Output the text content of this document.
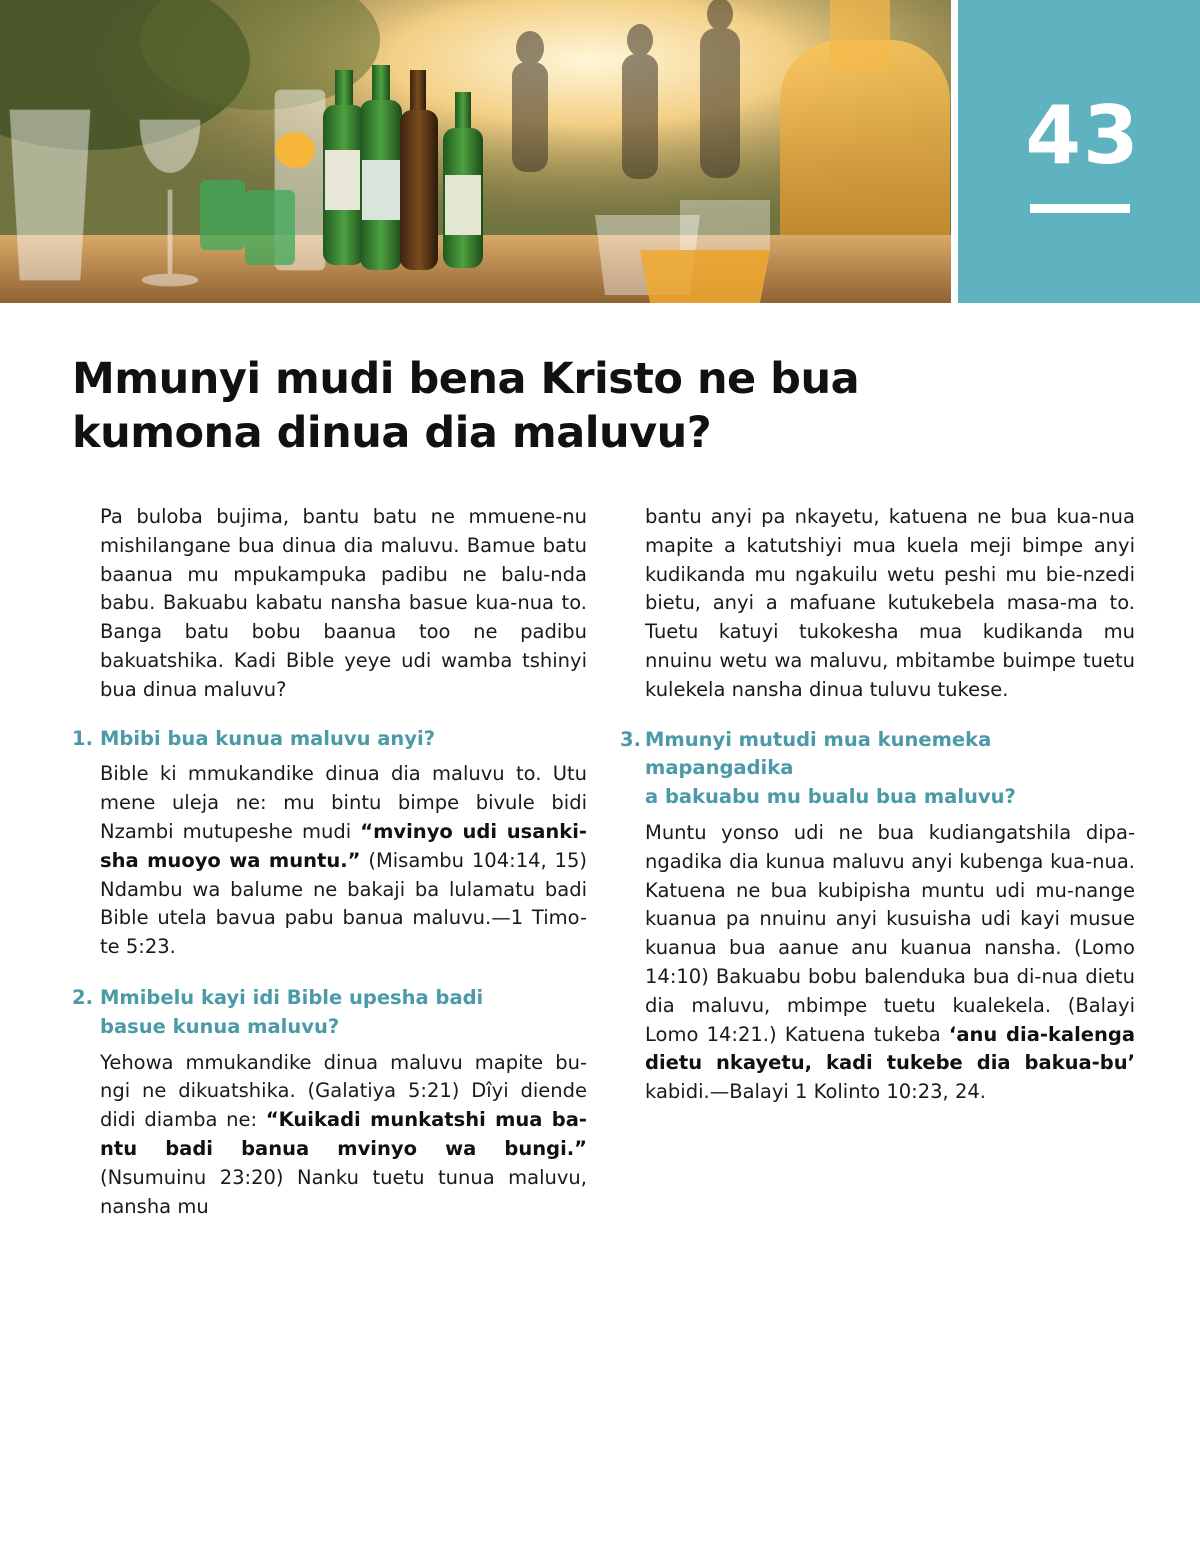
43
Mmunyi mudi bena Kristo ne bua
kumona dinua dia maluvu?

Pa buloba bujima, bantu batu ne mmuene-nu mishilangane bua dinua dia maluvu. Bamue batu baanua mu mpukampuka padibu ne balu-nda babu. Bakuabu kabatu nansha basue kua-nua to. Banga batu bobu baanua too ne padibu bakuatshika. Kadi Bible yeye udi wamba tshinyi bua dinua maluvu?

1. Mbibi bua kunua maluvu anyi?

Bible ki mmukandike dinua dia maluvu to. Utu mene uleja ne: mu bintu bimpe bivule bidi Nzambi mutupeshe mudi “mvinyo udi usanki-sha muoyo wa muntu.” (Misambu 104:14, 15) Ndambu wa balume ne bakaji ba lulamatu badi Bible utela bavua pabu banua maluvu.—1 Timo-te 5:23.

2. Mmibelu kayi idi Bible upesha badi
basue kunua maluvu?

Yehowa mmukandike dinua maluvu mapite bu-ngi ne dikuatshika. (Galatiya 5:21) Dîyi diende didi diamba ne: “Kuikadi munkatshi mua ba-ntu badi banua mvinyo wa bungi.” (Nsumuinu 23:20) Nanku tuetu tunua maluvu, nansha mu

bantu anyi pa nkayetu, katuena ne bua kua-nua mapite a katutshiyi mua kuela meji bimpe anyi kudikanda mu ngakuilu wetu peshi mu bie-nzedi bietu, anyi a mafuane kutukebela masa-ma to. Tuetu katuyi tukokesha mua kudikanda mu nnuinu wetu wa maluvu, mbitambe buimpe tuetu kulekela nansha dinua tuluvu tukese.

3. Mmunyi mutudi mua kunemeka mapangadika
a bakuabu mu bualu bua maluvu?

Muntu yonso udi ne bua kudiangatshila dipa-ngadika dia kunua maluvu anyi kubenga kua-nua. Katuena ne bua kubipisha muntu udi mu-nange kuanua pa nnuinu anyi kusuisha udi kayi musue kuanua bua aanue anu kuanua nansha. (Lomo 14:10) Bakuabu bobu balenduka bua di-nua dietu dia maluvu, mbimpe tuetu kualekela. (Balayi Lomo 14:21.) Katuena tukeba ‘anu dia-kalenga dietu nkayetu, kadi tukebe dia bakua-bu’ kabidi.—Balayi 1 Kolinto 10:23, 24.
